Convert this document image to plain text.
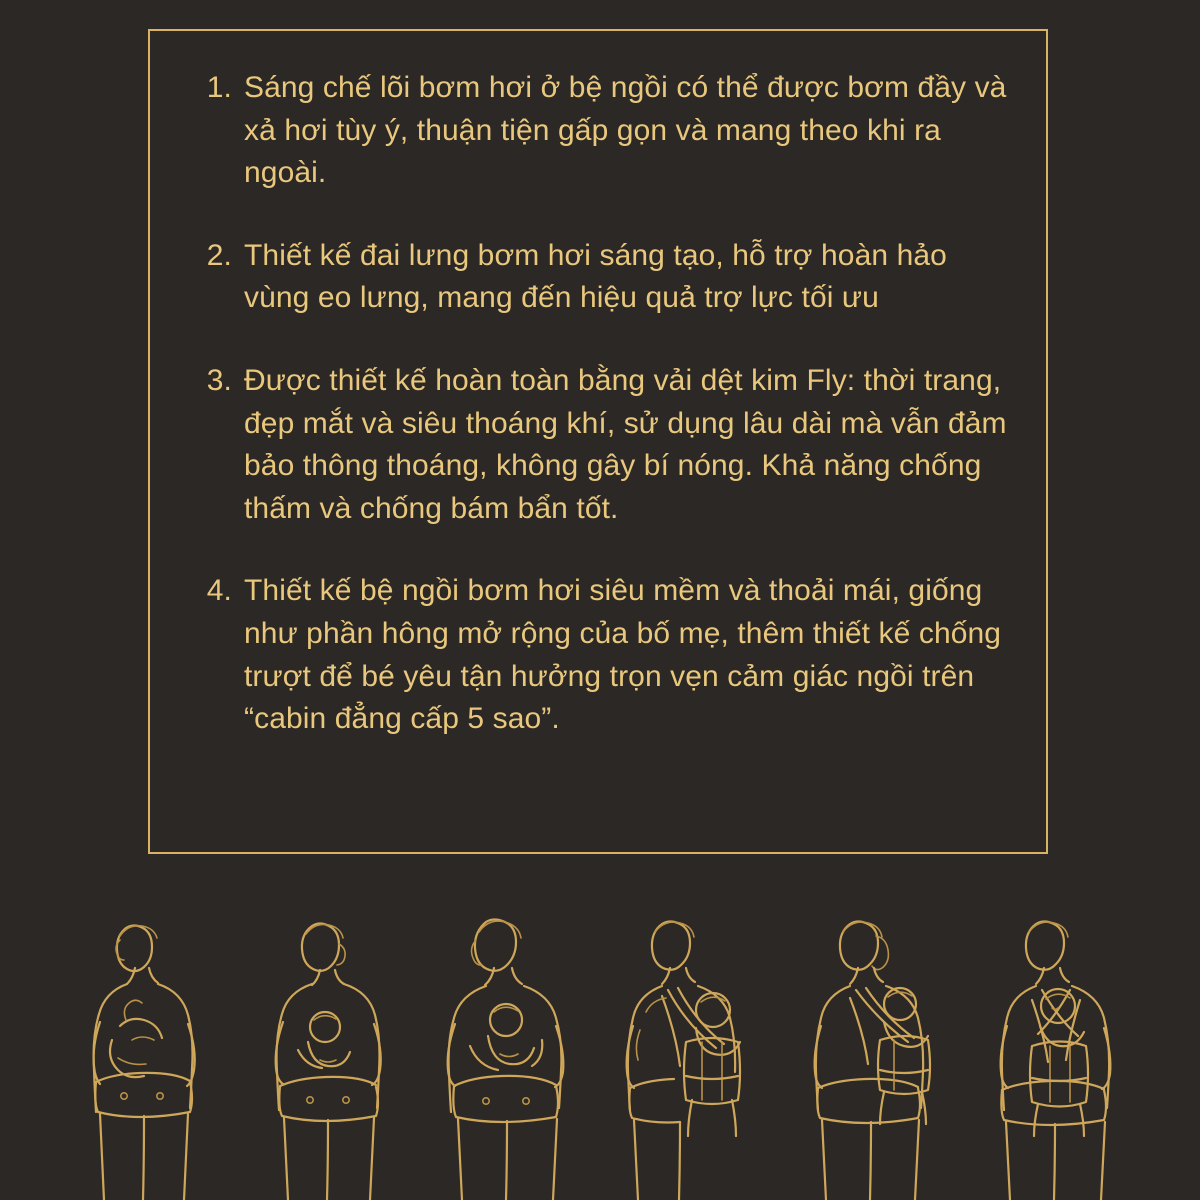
1. Sáng chế lõi bơm hơi ở bệ ngồi có thể được bơm đầy và xả hơi tùy ý, thuận tiện gấp gọn và mang theo khi ra ngoài.
2. Thiết kế đai lưng bơm hơi sáng tạo, hỗ trợ hoàn hảo vùng eo lưng, mang đến hiệu quả trợ lực tối ưu
3. Được thiết kế hoàn toàn bằng vải dệt kim Fly: thời trang, đẹp mắt và siêu thoáng khí, sử dụng lâu dài mà vẫn đảm bảo thông thoáng, không gây bí nóng. Khả năng chống thấm và chống bám bẩn tốt.
4. Thiết kế bệ ngồi bơm hơi siêu mềm và thoải mái, giống như phần hông mở rộng của bố mẹ, thêm thiết kế chống trượt để bé yêu tận hưởng trọn vẹn cảm giác ngồi trên “cabin đẳng cấp 5 sao”.
